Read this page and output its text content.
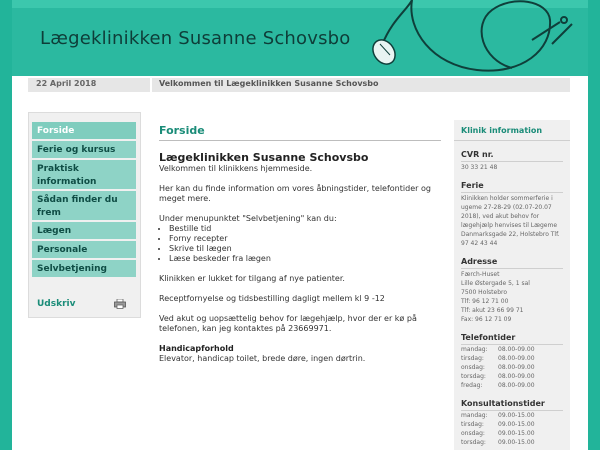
Lægeklinikken Susanne Schovsbo
22 April 2018	Velkommen til Lægeklinikken Susanne Schovsbo
Forside
Ferie og kursus
Praktisk information
Sådan finder du frem
Lægen
Personale
Selvbetjening
Udskriv
Forside
Lægeklinikken Susanne Schovsbo

Velkommen til klinikkens hjemmeside.

Her kan du finde information om vores åbningstider, telefontider og meget mere.

Under menupunktet "Selvbetjening" kan du:

• Bestille tid
• Forny recepter
• Skrive til lægen
• Læse beskeder fra lægen

Klinikken er lukket for tilgang af nye patienter.

Receptfornyelse og tidsbestilling dagligt mellem kl 9 -12

Ved akut og uopsættelig behov for lægehjælp, hvor der er kø på telefonen, kan jeg kontaktes på 23669971.

Handicapforhold

Elevator, handicap toilet, brede døre, ingen dørtrin.

Klinik information
CVR nr.
30 33 21 48
Ferie
Klinikken holder sommerferie i ugeme 27-28-29 (02.07-20.07 2018), ved akut behov for lægehjælp henvises til Lægeme Danmarksgade 22, Holstebro Tlf. 97 42 43 44
Adresse
Færch-Huset
Lille Østergade 5, 1 sal
7500 Holstebro
Tlf: 96 12 71 00
Tlf: akut 23 66 99 71
Fax: 96 12 71 09
Telefontider
mandag:	08.00-09.00
tirsdag:	08.00-09.00
onsdag:	08.00-09.00
torsdag:	08.00-09.00
fredag:	08.00-09.00
Konsultationstider
mandag:	09.00-15.00
tirsdag:	09.00-15.00
onsdag:	09.00-15.00
torsdag:	09.00-15.00
